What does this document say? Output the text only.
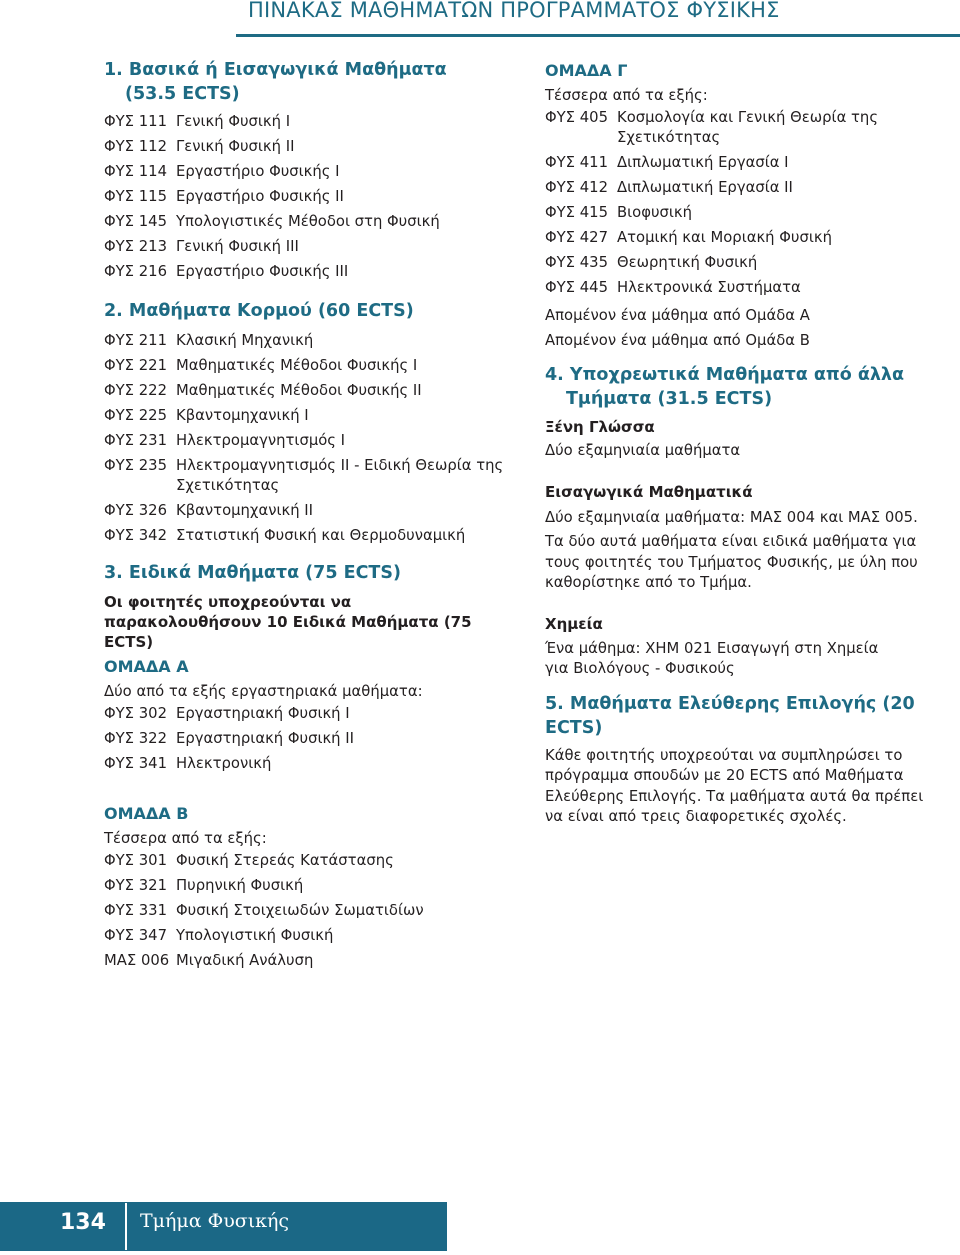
ΠΙΝΑΚΑΣ ΜΑΘΗΜΑΤΩΝ ΠΡΟΓΡΑΜΜΑΤΟΣ ΦΥΣΙΚΗΣ
1. Βασικά ή Εισαγωγικά Μαθήματα
(53.5 ECTS)
ΦΥΣ 111 Γενική Φυσική Ι
ΦΥΣ 112 Γενική Φυσική ΙΙ
ΦΥΣ 114 Εργαστήριο Φυσικής Ι
ΦΥΣ 115 Εργαστήριο Φυσικής ΙΙ
ΦΥΣ 145 Υπολογιστικές Μέθοδοι στη Φυσική
ΦΥΣ 213 Γενική Φυσική ΙΙΙ
ΦΥΣ 216 Εργαστήριο Φυσικής ΙΙΙ
2. Μαθήματα Κορμού (60 ECTS)
ΦΥΣ 211 Κλασική Μηχανική
ΦΥΣ 221 Μαθηματικές Μέθοδοι Φυσικής Ι
ΦΥΣ 222 Μαθηματικές Μέθοδοι Φυσικής ΙΙ
ΦΥΣ 225 Κβαντομηχανική Ι
ΦΥΣ 231 Ηλεκτρομαγνητισμός Ι
ΦΥΣ 235 Ηλεκτρομαγνητισμός ΙΙ - Ειδική Θεωρία της Σχετικότητας
ΦΥΣ 326 Κβαντομηχανική ΙΙ
ΦΥΣ 342 Στατιστική Φυσική και Θερμοδυναμική
3. Ειδικά Μαθήματα (75 ECTS)
Οι φοιτητές υποχρεούνται να παρακολουθήσουν 10 Ειδικά Μαθήματα (75 ECTS)
ΟΜΑΔΑ Α
Δύο από τα εξής εργαστηριακά μαθήματα:
ΦΥΣ 302 Εργαστηριακή Φυσική Ι
ΦΥΣ 322 Εργαστηριακή Φυσική ΙΙ
ΦΥΣ 341 Ηλεκτρονική
ΟΜΑΔΑ Β
Τέσσερα από τα εξής:
ΦΥΣ 301 Φυσική Στερεάς Κατάστασης
ΦΥΣ 321 Πυρηνική Φυσική
ΦΥΣ 331 Φυσική Στοιχειωδών Σωματιδίων
ΦΥΣ 347 Υπολογιστική Φυσική
ΜΑΣ 006 Μιγαδική Ανάλυση
ΟΜΑΔΑ Γ
Τέσσερα από τα εξής:
ΦΥΣ 405 Κοσμολογία και Γενική Θεωρία της Σχετικότητας
ΦΥΣ 411 Διπλωματική Εργασία Ι
ΦΥΣ 412 Διπλωματική Εργασία ΙΙ
ΦΥΣ 415 Βιοφυσική
ΦΥΣ 427 Ατομική και Μοριακή Φυσική
ΦΥΣ 435 Θεωρητική Φυσική
ΦΥΣ 445 Ηλεκτρονικά Συστήματα
Απομένον ένα μάθημα από Ομάδα Α
Απομένον ένα μάθημα από Ομάδα Β
4. Υποχρεωτικά Μαθήματα από άλλα
Τμήματα (31.5 ECTS)
Ξένη Γλώσσα
Δύο εξαμηνιαία μαθήματα
Εισαγωγικά Μαθηματικά
Δύο εξαμηνιαία μαθήματα: ΜΑΣ 004 και ΜΑΣ 005.
Τα δύο αυτά μαθήματα είναι ειδικά μαθήματα για τους φοιτητές του Τμήματος Φυσικής, με ύλη που καθορίστηκε από το Τμήμα.
Χημεία
Ένα μάθημα: ΧΗΜ 021 Εισαγωγή στη Χημεία για Βιολόγους - Φυσικούς
5. Μαθήματα Ελεύθερης Επιλογής (20 ECTS)
Κάθε φοιτητής υποχρεούται να συμπληρώσει το πρόγραμμα σπουδών με 20 ECTS από Μαθήματα Ελεύθερης Επιλογής. Τα μαθήματα αυτά θα πρέπει να είναι από τρεις διαφορετικές σχολές.
134 Τμήμα Φυσικής
